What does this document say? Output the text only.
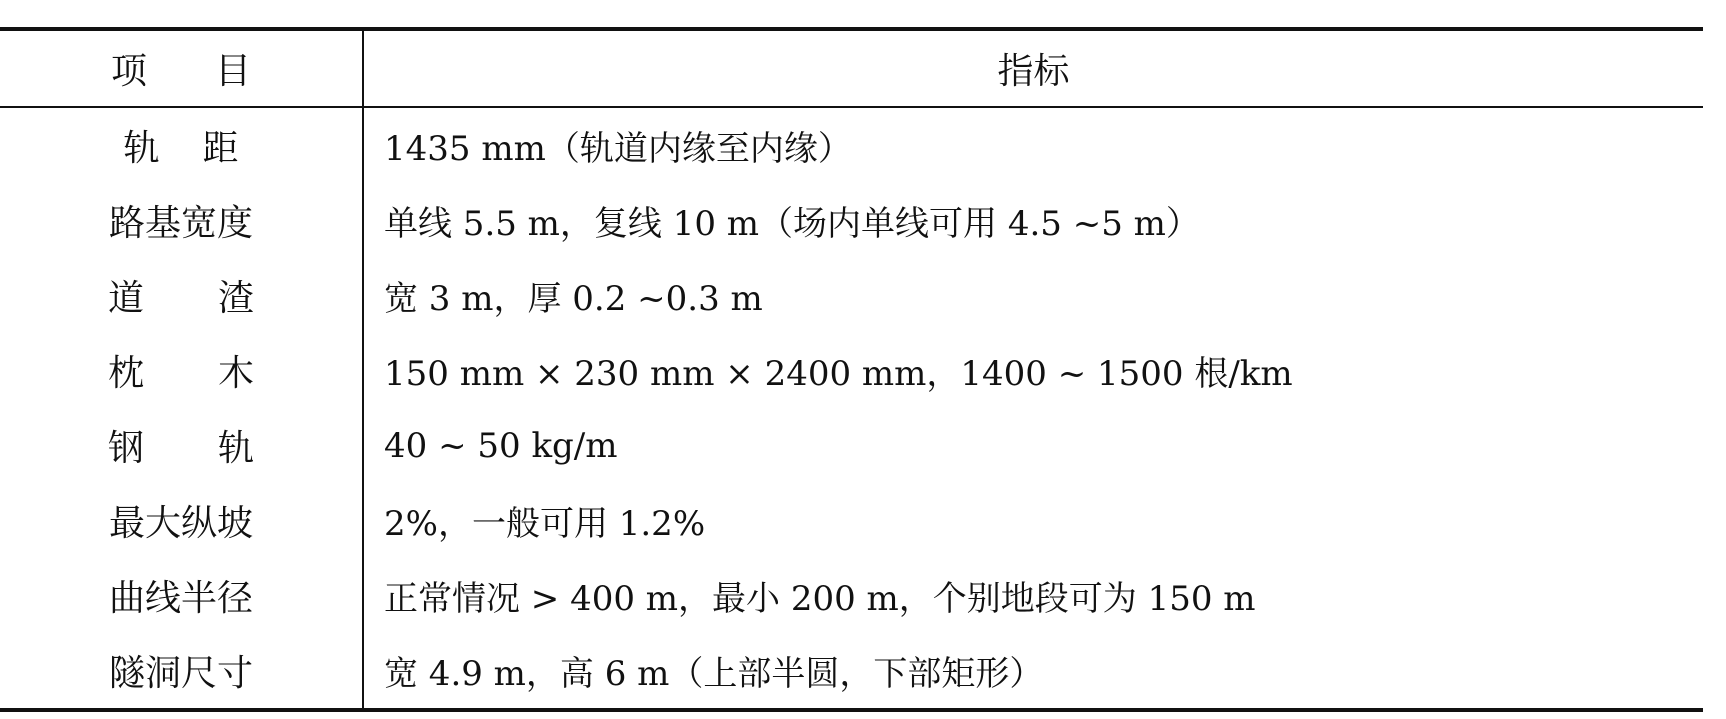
项目	指标
轨 距	1435 mm（轨道内缘至内缘）
路基宽度	单线 5.5 m，复线 10 m（场内单线可用 4.5 ~5 m）
道 渣	宽 3 m，厚 0.2 ~0.3 m
枕 木	150 mm × 230 mm × 2400 mm，1400 ~ 1500 根/km
钢 轨	40 ~ 50 kg/m
最大纵坡	2%，一般可用 1.2%
曲线半径	正常情况 > 400 m，最小 200 m，个别地段可为 150 m
隧洞尺寸	宽 4.9 m，高 6 m（上部半圆，下部矩形）
